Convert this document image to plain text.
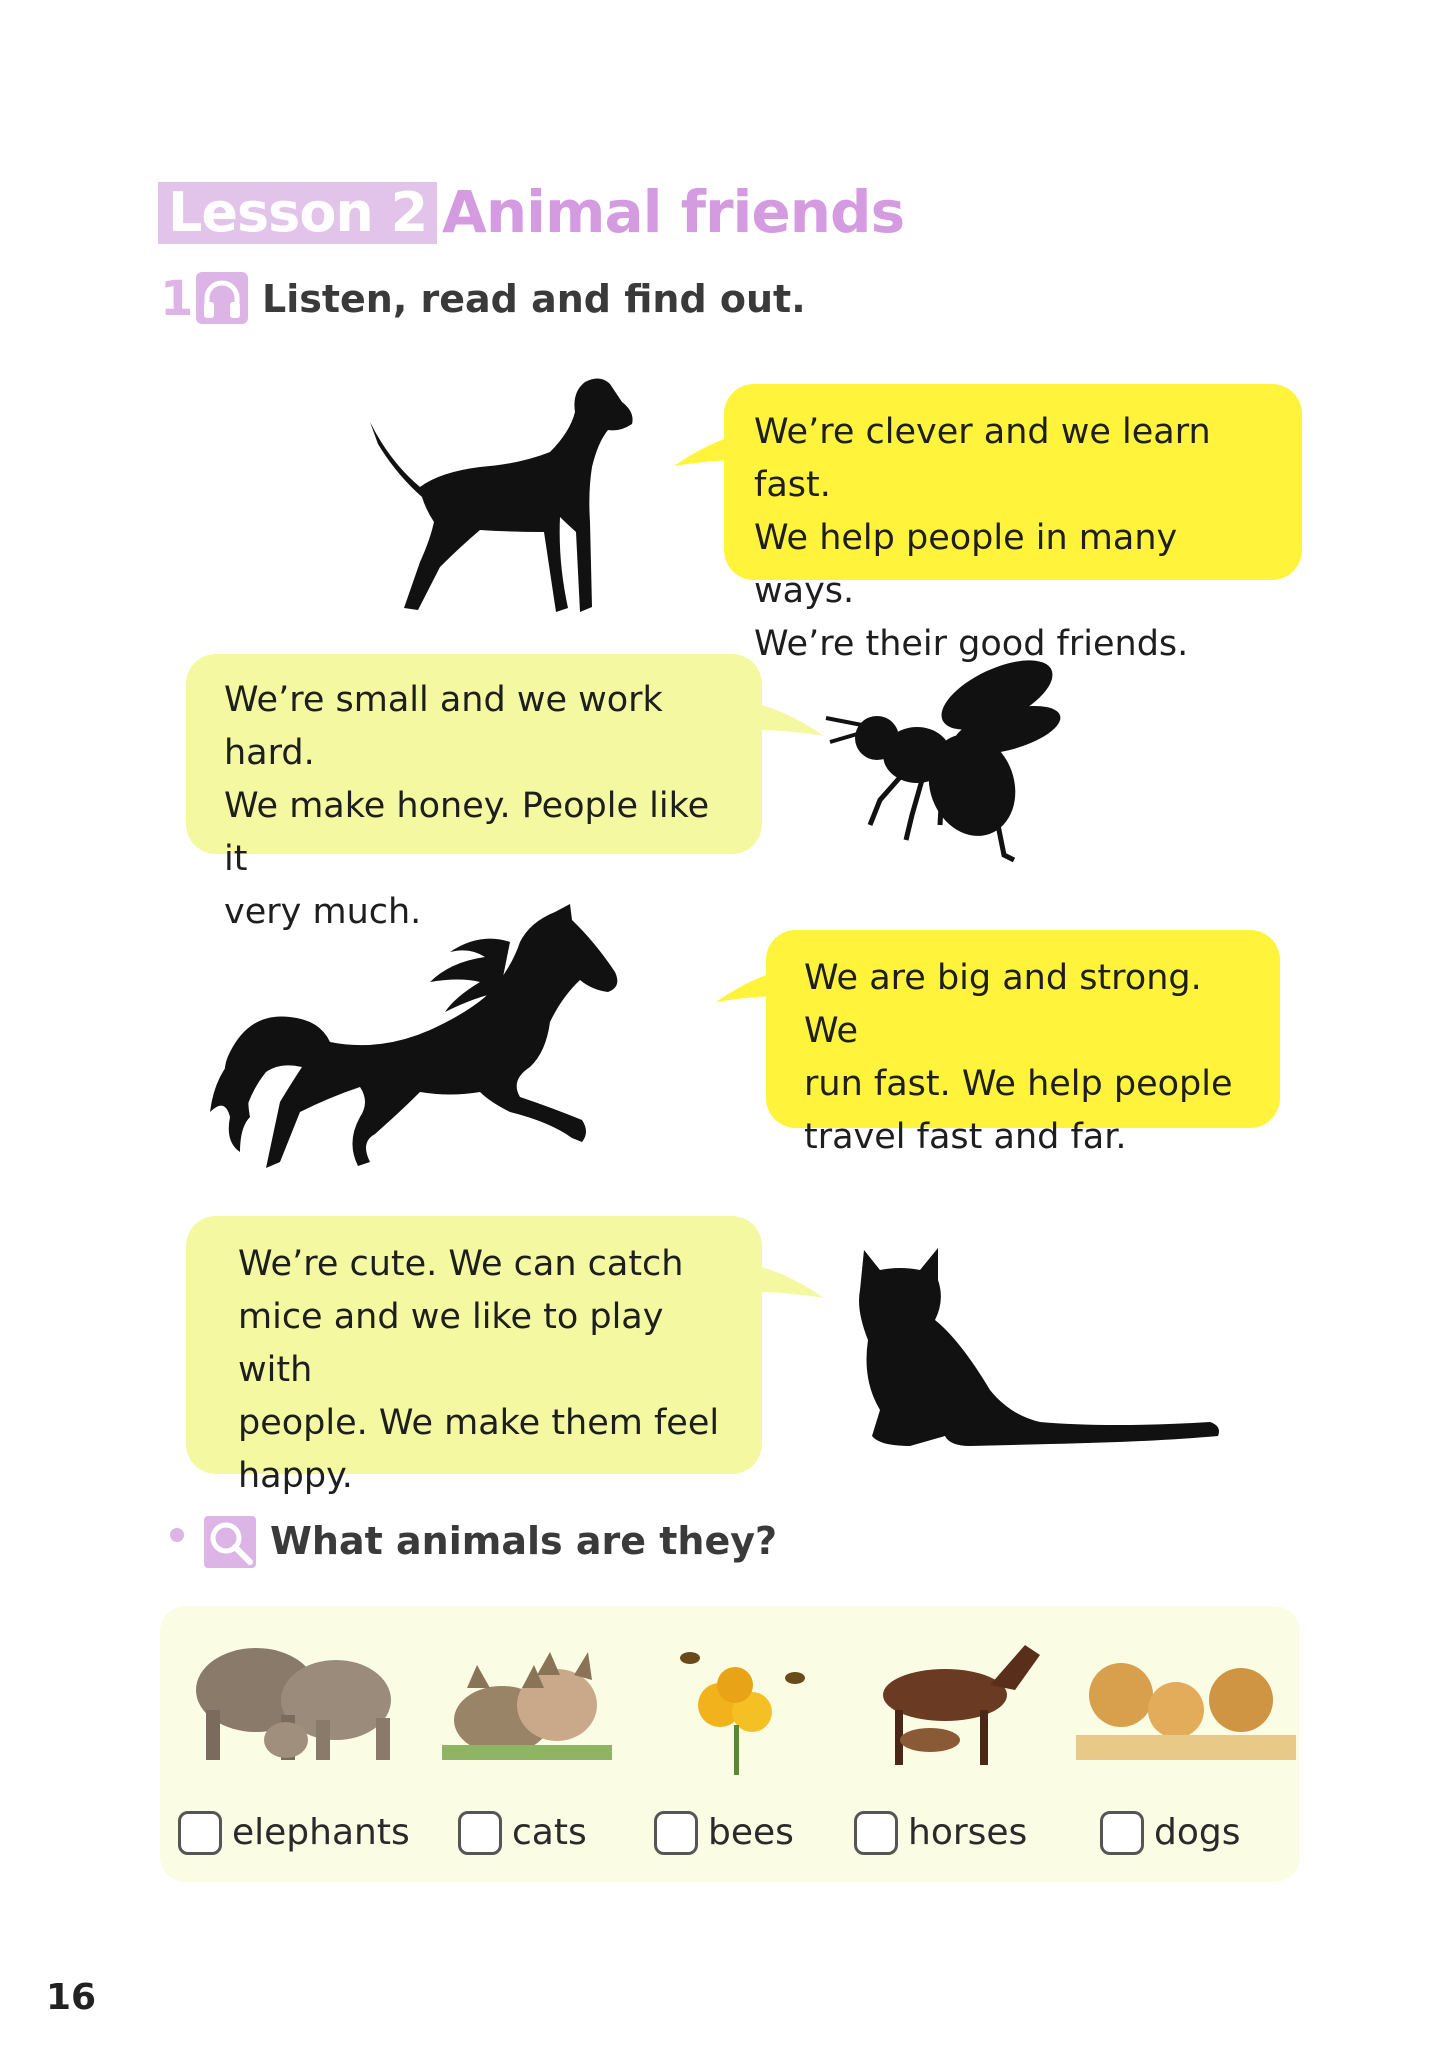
Lesson 2 Animal friends
1 Listen, read and find out.

We’re clever and we learn fast.

We help people in many ways.

We’re their good friends.

We’re small and we work hard.

We make honey. People like it

very much.

We are big and strong. We

run fast. We help people

travel fast and far.

We’re cute. We can catch

mice and we like to play with

people. We make them feel

happy.

What animals are they?
elephants	cats	bees	horses	dogs
16
